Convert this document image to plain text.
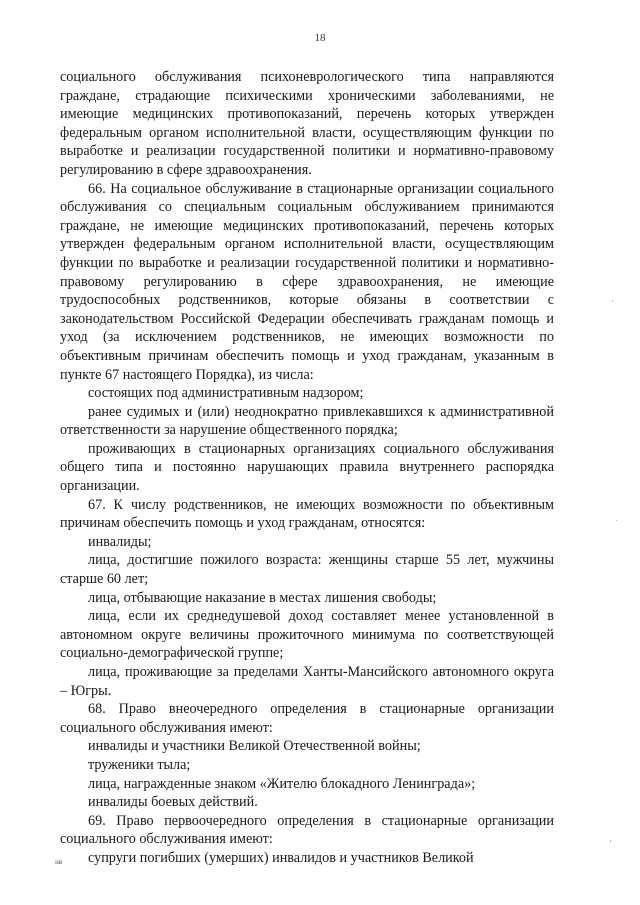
18

социального обслуживания психоневрологического типа направляются граждане, страдающие психическими хроническими заболеваниями, не имеющие медицинских противопоказаний, перечень которых утвержден федеральным органом исполнительной власти, осуществляющим функции по выработке и реализации государственной политики и нормативно-правовому регулированию в сфере здравоохранения.

66. На социальное обслуживание в стационарные организации социального обслуживания со специальным социальным обслуживанием принимаются граждане, не имеющие медицинских противопоказаний, перечень которых утвержден федеральным органом исполнительной власти, осуществляющим функции по выработке и реализации государственной политики и нормативно-правовому регулированию в сфере здравоохранения, не имеющие трудоспособных родственников, которые обязаны в соответствии с законодательством Российской Федерации обеспечивать гражданам помощь и уход (за исключением родственников, не имеющих возможности по объективным причинам обеспечить помощь и уход гражданам, указанным в пункте 67 настоящего Порядка), из числа:

состоящих под административным надзором;

ранее судимых и (или) неоднократно привлекавшихся к административной ответственности за нарушение общественного порядка;

проживающих в стационарных организациях социального обслуживания общего типа и постоянно нарушающих правила внутреннего распорядка организации.

67. К числу родственников, не имеющих возможности по объективным причинам обеспечить помощь и уход гражданам, относятся:

инвалиды;

лица, достигшие пожилого возраста: женщины старше 55 лет, мужчины старше 60 лет;

лица, отбывающие наказание в местах лишения свободы;

лица, если их среднедушевой доход составляет менее установленной в автономном округе величины прожиточного минимума по соответствующей социально-демографической группе;

лица, проживающие за пределами Ханты-Мансийского автономного округа – Югры.

68. Право внеочередного определения в стационарные организации социального обслуживания имеют:

инвалиды и участники Великой Отечественной войны;

труженики тыла;

лица, награжденные знаком «Жителю блокадного Ленинграда»;

инвалиды боевых действий.

69. Право первоочередного определения в стационарные организации социального обслуживания имеют:

супруги погибших (умерших) инвалидов и участников Великой

ııв
